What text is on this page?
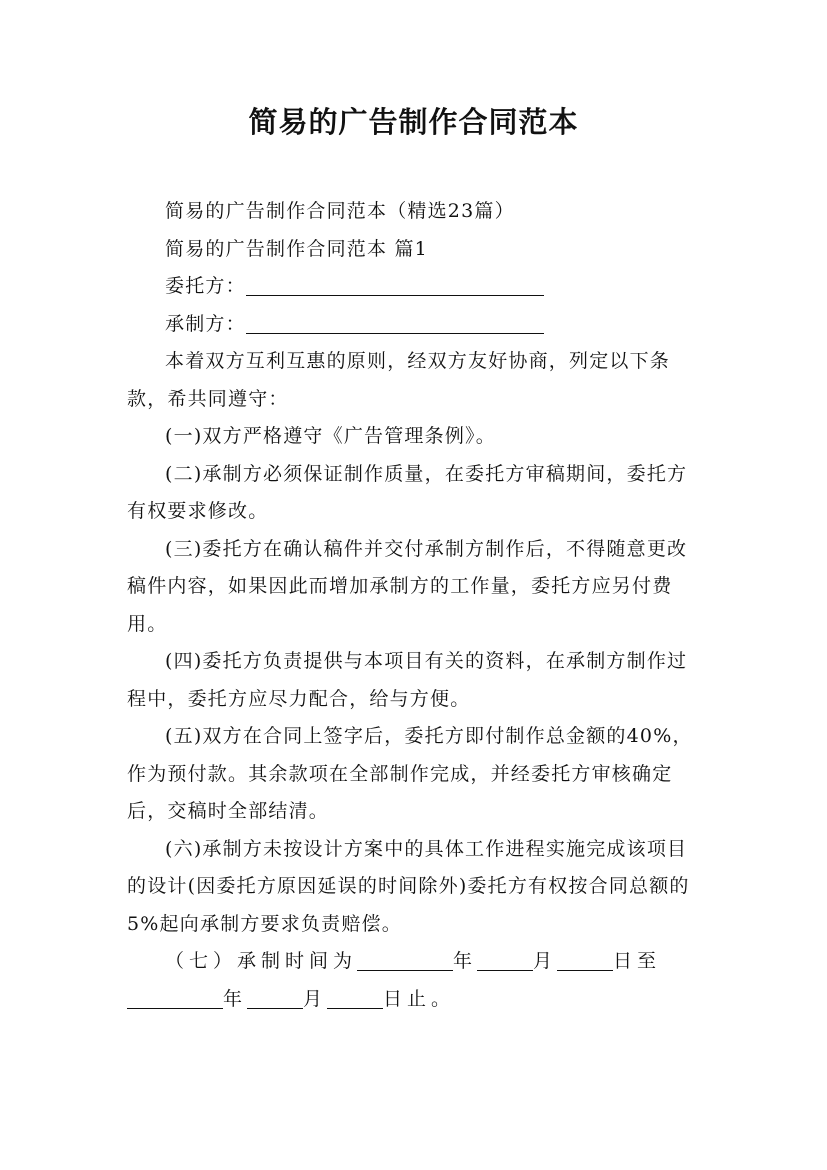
简易的广告制作合同范本

简易的广告制作合同范本（精选23篇）

简易的广告制作合同范本 篇1

委托方：

承制方：

本着双方互利互惠的原则，经双方友好协商，列定以下条款，希共同遵守：

(一)双方严格遵守《广告管理条例》。

(二)承制方必须保证制作质量，在委托方审稿期间，委托方有权要求修改。

(三)委托方在确认稿件并交付承制方制作后，不得随意更改稿件内容，如果因此而增加承制方的工作量，委托方应另付费用。

(四)委托方负责提供与本项目有关的资料，在承制方制作过程中，委托方应尽力配合，给与方便。

(五)双方在合同上签字后，委托方即付制作总金额的40%，作为预付款。其余款项在全部制作完成，并经委托方审核确定后，交稿时全部结清。

(六)承制方未按设计方案中的具体工作进程实施完成该项目的设计(因委托方原因延误的时间除外)委托方有权按合同总额的5%起向承制方要求负责赔偿。

（七）承制时间为	年	月	日至年	月	日止。
